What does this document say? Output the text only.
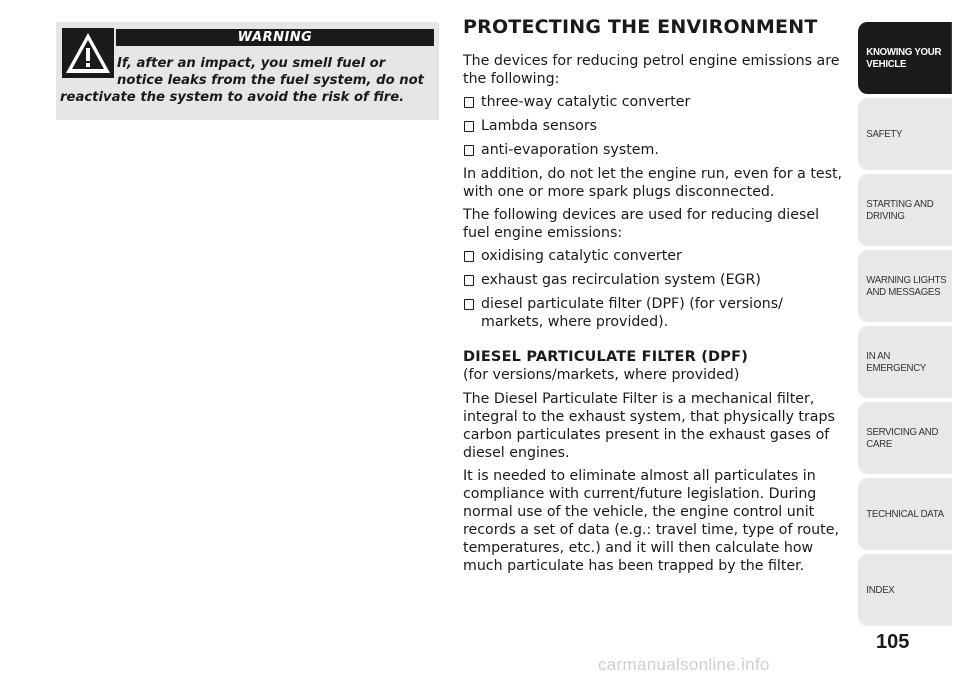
WARNING
If, after an impact, you smell fuel or
notice leaks from the fuel system, do not
reactivate the system to avoid the risk of fire.
PROTECTING THE ENVIRONMENT

The devices for reducing petrol engine emissions are the following:

three-way catalytic converter
Lambda sensors
anti-evaporation system.

In addition, do not let the engine run, even for a test, with one or more spark plugs disconnected.

The following devices are used for reducing diesel fuel engine emissions:

oxidising catalytic converter
exhaust gas recirculation system (EGR)
diesel particulate filter (DPF) (for versions/ markets, where provided).
DIESEL PARTICULATE FILTER (DPF)

(for versions/markets, where provided)

The Diesel Particulate Filter is a mechanical filter, integral to the exhaust system, that physically traps carbon particulates present in the exhaust gases of diesel engines.

It is needed to eliminate almost all particulates in compliance with current/future legislation. During normal use of the vehicle, the engine control unit records a set of data (e.g.: travel time, type of route, temperatures, etc.) and it will then calculate how much particulate has been trapped by the filter.

KNOWING YOUR
VEHICLE
SAFETY
STARTING AND
DRIVING
WARNING LIGHTS
AND MESSAGES
IN AN EMERGENCY
SERVICING AND
CARE
TECHNICAL DATA
INDEX
105
carmanualsonline.info
